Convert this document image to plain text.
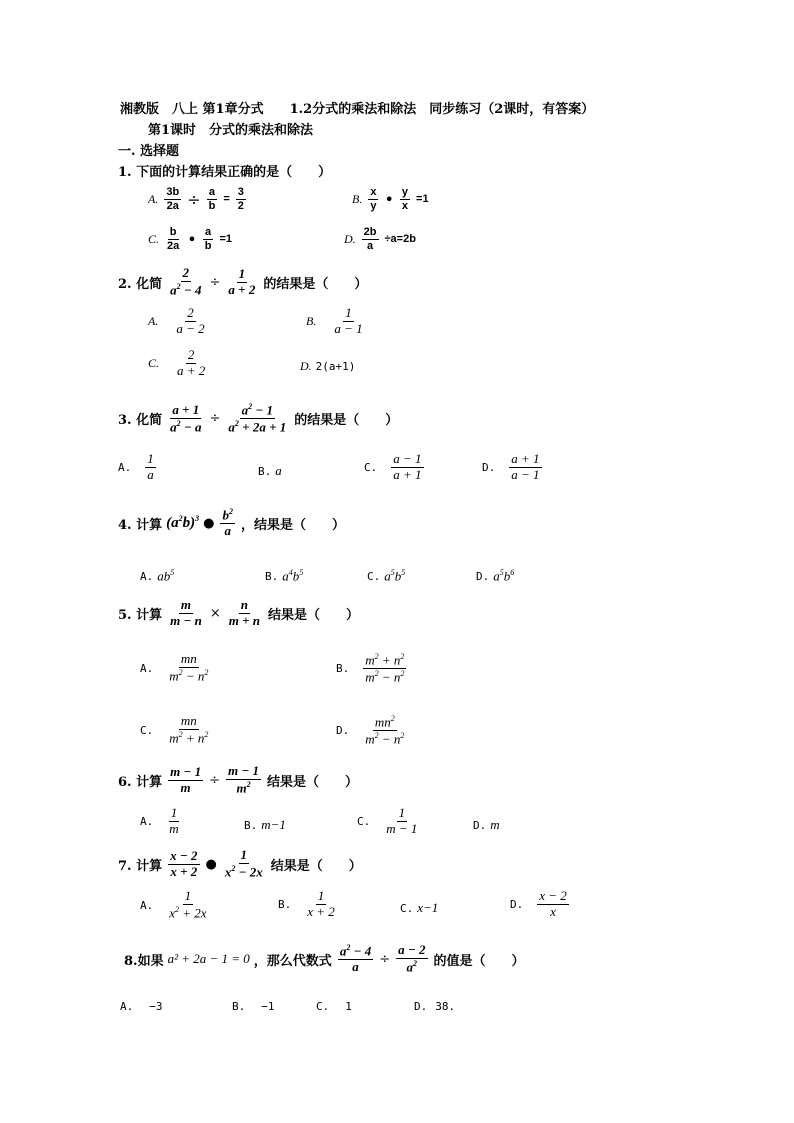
湘教版　八上 第1章分式　　1.2分式的乘法和除法　同步练习（2课时，有答案）
第1课时　分式的乘法和除法
一. 选择题
1. 下面的计算结果正确的是（　　）
A. $\frac{3b}{2a} \div \frac{a}{b} = \frac{3}{2}$	B. $\frac{x}{y}$ • $\frac{y}{x} =1$
C. $\frac{b}{2a}$ • $\frac{a}{b} =1$	D. $\frac{2b}{a} \div a=2b$
2. 化简 $\frac{2}{a^2 - 4} \div \frac{1}{a + 2}$ 的结果是（　　）
A. $\frac{2}{a - 2}$	B. $\frac{1}{a - 1}$
C. $\frac{2}{a + 2}$	D. 2(a+1)
3. 化简 $\frac{a + 1}{a^2 - a} \div \frac{a^2 - 1}{a^2 + 2a + 1}$ 的结果是（　　）
A. $\frac{1}{a}$	B. a	C. $\frac{a - 1}{a + 1}$	D. $\frac{a + 1}{a - 1}$
4. 计算 $(a^2b)^3$ ● $\frac{b^2}{a}$ ，结果是（　　）
A. $ab^5$	B. $a^4b^5$	C. $a^5b^5$	D. $a^5b^6$
5. 计算 $\frac{m}{m - n} \times \frac{n}{m + n}$ 结果是（　　）
A. $\frac{mn}{m^2 - n^2}$	B. $\frac{m^2 + n^2}{m^2 - n^2}$
C. $\frac{mn}{m^2 + n^2}$	D. $\frac{mn^2}{m^2 - n^2}$
6. 计算 $\frac{m - 1}{m} \div \frac{m - 1}{m^2}$ 结果是（　　）
A. $\frac{1}{m}$	B. m−1	C. $\frac{1}{m - 1}$	D. m
7. 计算 $\frac{x - 2}{x + 2}$ ● $\frac{1}{x^2 - 2x}$ 结果是（　　）
A. $\frac{1}{x^2 + 2x}$	B. $\frac{1}{x + 2}$	C. x−1	D. $\frac{x - 2}{x}$
8.如果 a² + 2a − 1 = 0 ，那么代数式 $\frac{a^2 - 4}{a} \div \frac{a - 2}{a^2}$ 的值是（　　）
A. −3	B. −1	C. 1	D. 38.
